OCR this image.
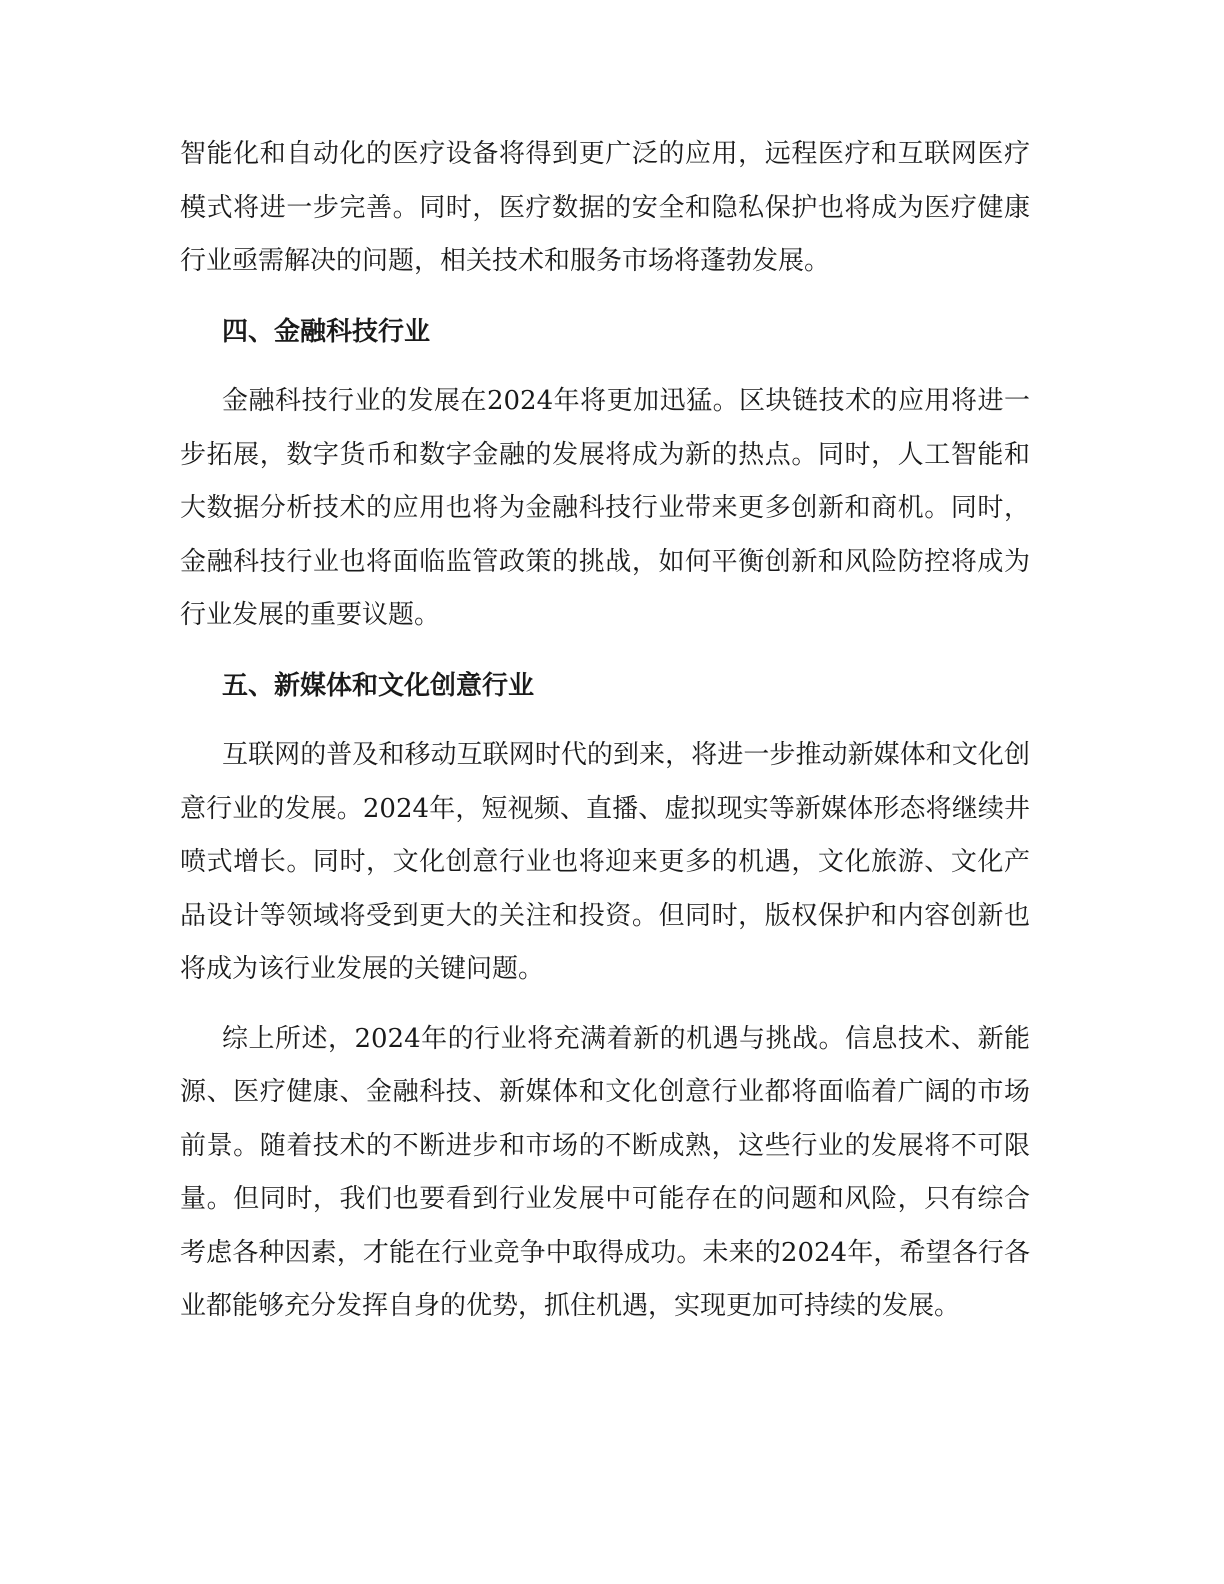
智能化和自动化的医疗设备将得到更广泛的应用，远程医疗和互联网医疗模式将进一步完善。同时，医疗数据的安全和隐私保护也将成为医疗健康行业亟需解决的问题，相关技术和服务市场将蓬勃发展。

四、金融科技行业

金融科技行业的发展在2024年将更加迅猛。区块链技术的应用将进一步拓展，数字货币和数字金融的发展将成为新的热点。同时，人工智能和大数据分析技术的应用也将为金融科技行业带来更多创新和商机。同时，金融科技行业也将面临监管政策的挑战，如何平衡创新和风险防控将成为行业发展的重要议题。

五、新媒体和文化创意行业

互联网的普及和移动互联网时代的到来，将进一步推动新媒体和文化创意行业的发展。2024年，短视频、直播、虚拟现实等新媒体形态将继续井喷式增长。同时，文化创意行业也将迎来更多的机遇，文化旅游、文化产品设计等领域将受到更大的关注和投资。但同时，版权保护和内容创新也将成为该行业发展的关键问题。

综上所述，2024年的行业将充满着新的机遇与挑战。信息技术、新能源、医疗健康、金融科技、新媒体和文化创意行业都将面临着广阔的市场前景。随着技术的不断进步和市场的不断成熟，这些行业的发展将不可限量。但同时，我们也要看到行业发展中可能存在的问题和风险，只有综合考虑各种因素，才能在行业竞争中取得成功。未来的2024年，希望各行各业都能够充分发挥自身的优势，抓住机遇，实现更加可持续的发展。
